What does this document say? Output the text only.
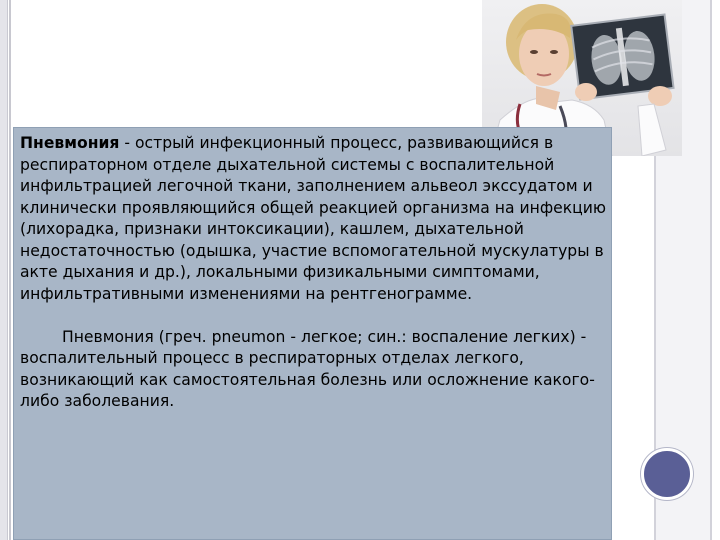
Пневмония - острый инфекционный процесс, развивающийся в респираторном отделе дыхательной системы с воспалительной инфильтрацией легочной ткани, заполнением альвеол экссудатом и клинически проявляющийся общей реакцией организма на инфекцию (лихорадка, признаки интоксикации), кашлем, дыхательной недостаточностью (одышка, участие вспомогательной мускулатуры в акте дыхания и др.), локальными физикальными симптомами, инфильтративными изменениями на рентгенограмме.

Пневмония (греч. pneumon - легкое; син.: воспаление легких) - воспалительный процесс в респираторных отделах легкого, возникающий как самостоятельная болезнь или осложнение какого-либо заболевания.
